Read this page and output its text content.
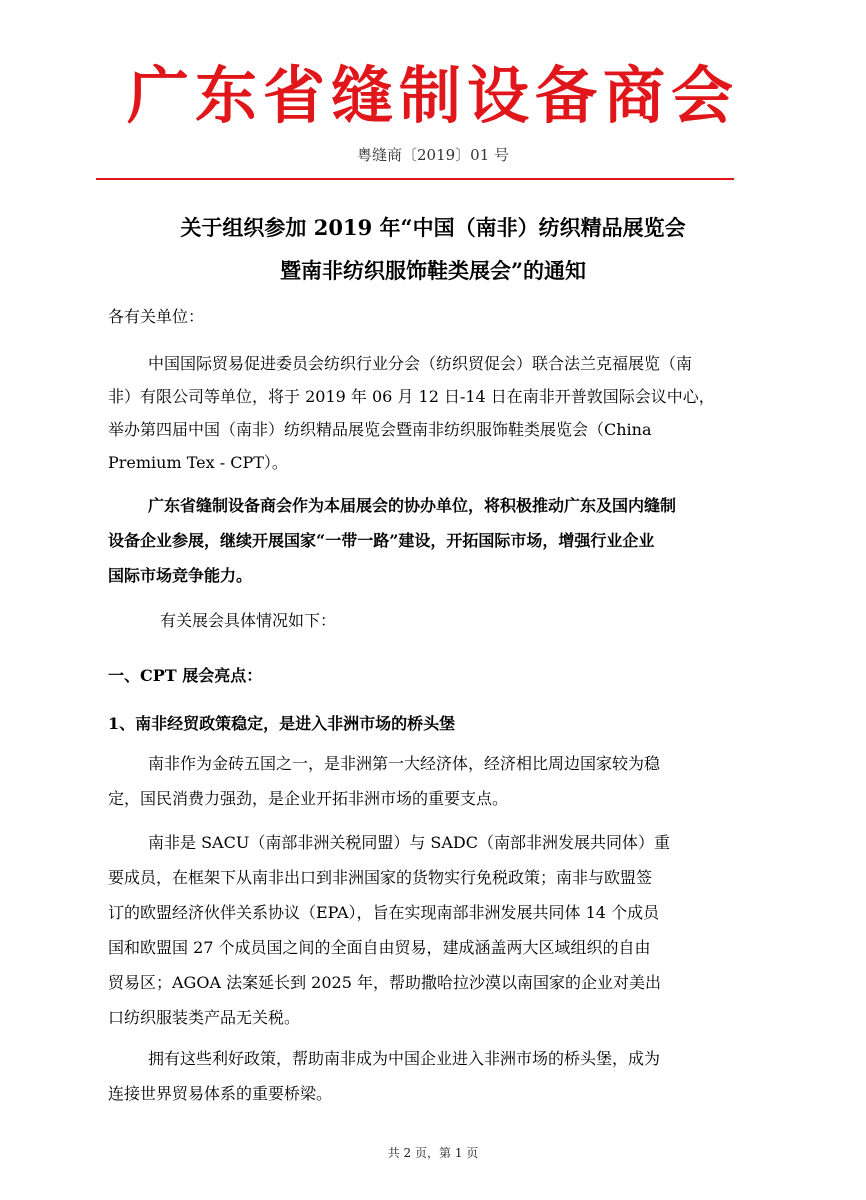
广东省缝制设备商会
粤缝商〔2019〕01 号
关于组织参加 2019 年“中国（南非）纺织精品展览会
暨南非纺织服饰鞋类展会”的通知
各有关单位：
中国国际贸易促进委员会纺织行业分会（纺织贸促会）联合法兰克福展览（南
非）有限公司等单位，将于 2019 年 06 月 12 日-14 日在南非开普敦国际会议中心，
举办第四届中国（南非）纺织精品展览会暨南非纺织服饰鞋类展览会（China
Premium Tex - CPT）。
广东省缝制设备商会作为本届展会的协办单位，将积极推动广东及国内缝制
设备企业参展，继续开展国家“一带一路”建设，开拓国际市场，增强行业企业
国际市场竞争能力。
有关展会具体情况如下：
一、CPT 展会亮点：
1、南非经贸政策稳定，是进入非洲市场的桥头堡
南非作为金砖五国之一，是非洲第一大经济体，经济相比周边国家较为稳
定，国民消费力强劲，是企业开拓非洲市场的重要支点。
南非是 SACU（南部非洲关税同盟）与 SADC（南部非洲发展共同体）重
要成员，在框架下从南非出口到非洲国家的货物实行免税政策；南非与欧盟签
订的欧盟经济伙伴关系协议（EPA），旨在实现南部非洲发展共同体 14 个成员
国和欧盟国 27 个成员国之间的全面自由贸易，建成涵盖两大区域组织的自由
贸易区；AGOA 法案延长到 2025 年，帮助撒哈拉沙漠以南国家的企业对美出
口纺织服装类产品无关税。
拥有这些利好政策，帮助南非成为中国企业进入非洲市场的桥头堡，成为
连接世界贸易体系的重要桥梁。
共 2 页，第 1 页
